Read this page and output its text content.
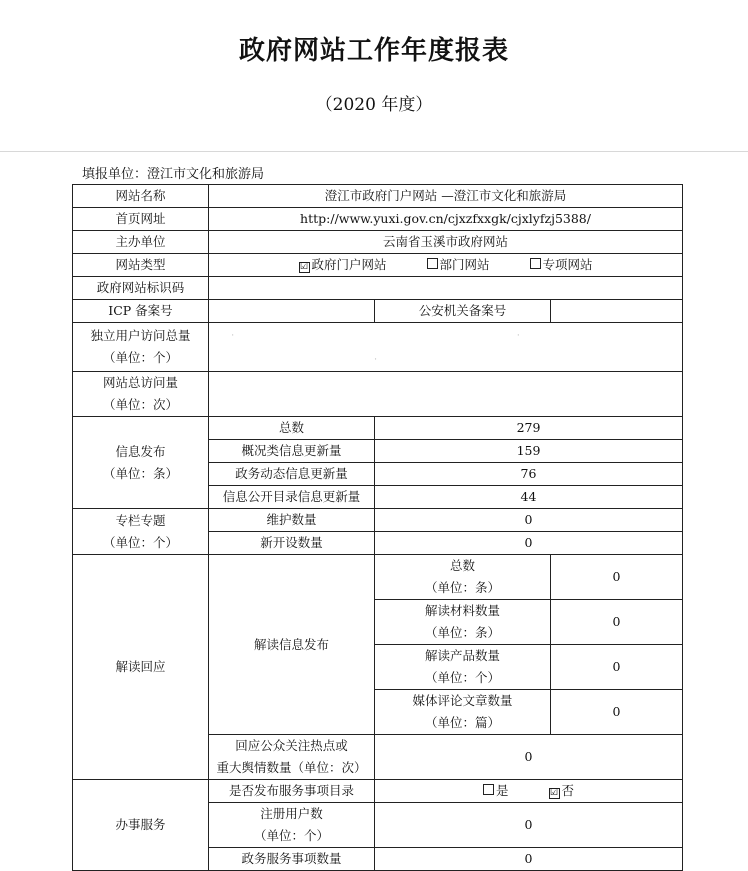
政府网站工作年度报表
（2020 年度）
填报单位：澄江市文化和旅游局
网站名称	澄江市政府门户网站 —澄江市文化和旅游局		
首页网址	http://www.yuxi.gov.cn/cjxzfxxgk/cjxlyfzj5388/		
主办单位	云南省玉溪市政府网站		
网站类型	☑ 政府门户网站 部门网站 专项网站		
政府网站标识码			
ICP 备案号		公安机关备案号	

独立用户访问总量
（单位：个）	· · ·		

网站总访问量
（单位：次）			

信息发布
（单位：条）	总数	279	
	概况类信息更新量	159	
	政务动态信息更新量	76	
	信息公开目录信息更新量	44	

专栏专题
（单位：个）	维护数量	0	
	新开设数量	0	
解读回应	解读信息发布	总数
（单位：条）	0

		解读材料数量
（单位：条）	0

		解读产品数量
（单位：个）	0

		媒体评论文章数量
（单位：篇）	0

	回应公众关注热点或
重大舆情数量（单位：次）	0	
办事服务	是否发布服务事项目录	是 ☑ 否	

	注册用户数
（单位：个）	0	
	政务服务事项数量	0	
